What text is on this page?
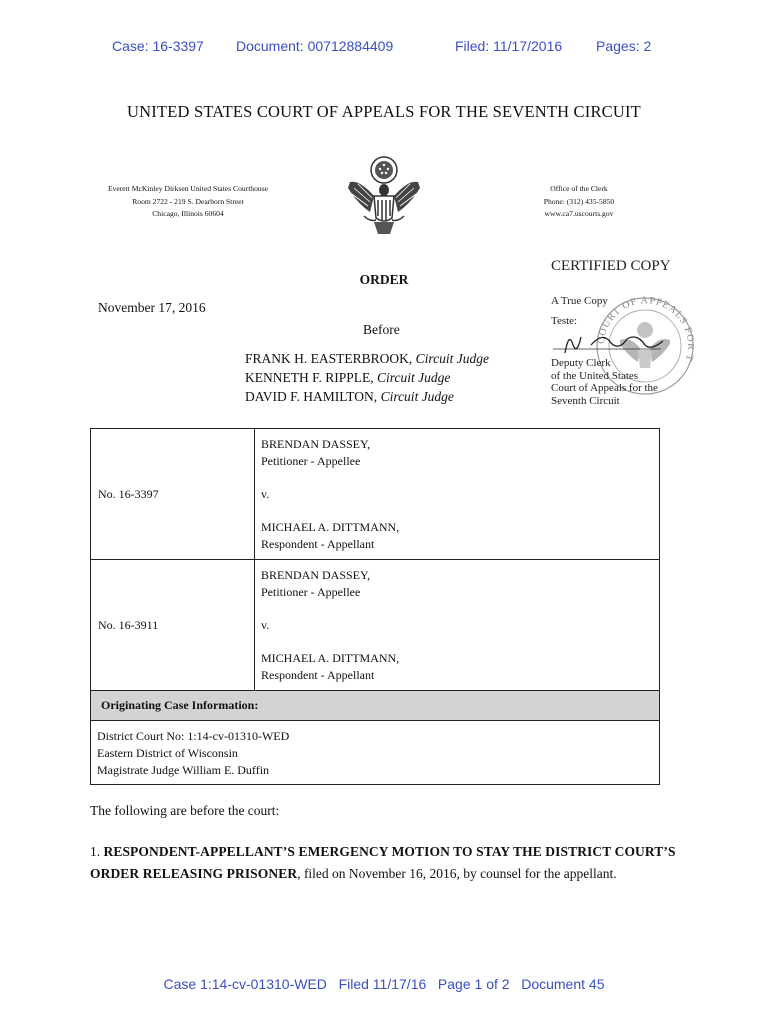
Case: 16-3397 Document: 00712884409	Filed: 11/17/2016 Pages: 2
UNITED STATES COURT OF APPEALS FOR THE SEVENTH CIRCUIT
Everett McKinley Dirksen United States Courthouse
Room 2722 - 219 S. Dearborn Street
Chicago, Illinois 60604
Office of the Clerk
Phone: (312) 435-5850
www.ca7.uscourts.gov
COURT OF APPEALS F T
CERTIFIED COPY
A True Copy
Teste:
Deputy Clerk
of the United States
Court of Appeals for the
Seventh Circuit
ORDER
November 17, 2016
Before
FRANK H. EASTERBROOK, Circuit Judge
KENNETH F. RIPPLE, Circuit Judge
DAVID F. HAMILTON, Circuit Judge
No. 16-3397	BRENDAN DASSEY,
Petitioner - Appellee
v.
MICHAEL A. DITTMANN,
Respondent - Appellant

No. 16-3911	BRENDAN DASSEY,
Petitioner - Appellee
v.
MICHAEL A. DITTMANN,
Respondent - Appellant

Originating Case Information:	

District Court No: 1:14-cv-01310-WED
Eastern District of Wisconsin
Magistrate Judge William E. Duffin	
The following are before the court:
1. RESPONDENT-APPELLANT’S EMERGENCY MOTION TO STAY THE DISTRICT COURT’S ORDER RELEASING PRISONER, filed on November 16, 2016, by counsel for the appellant.
Case 1:14-cv-01310-WED   Filed 11/17/16   Page 1 of 2   Document 45
